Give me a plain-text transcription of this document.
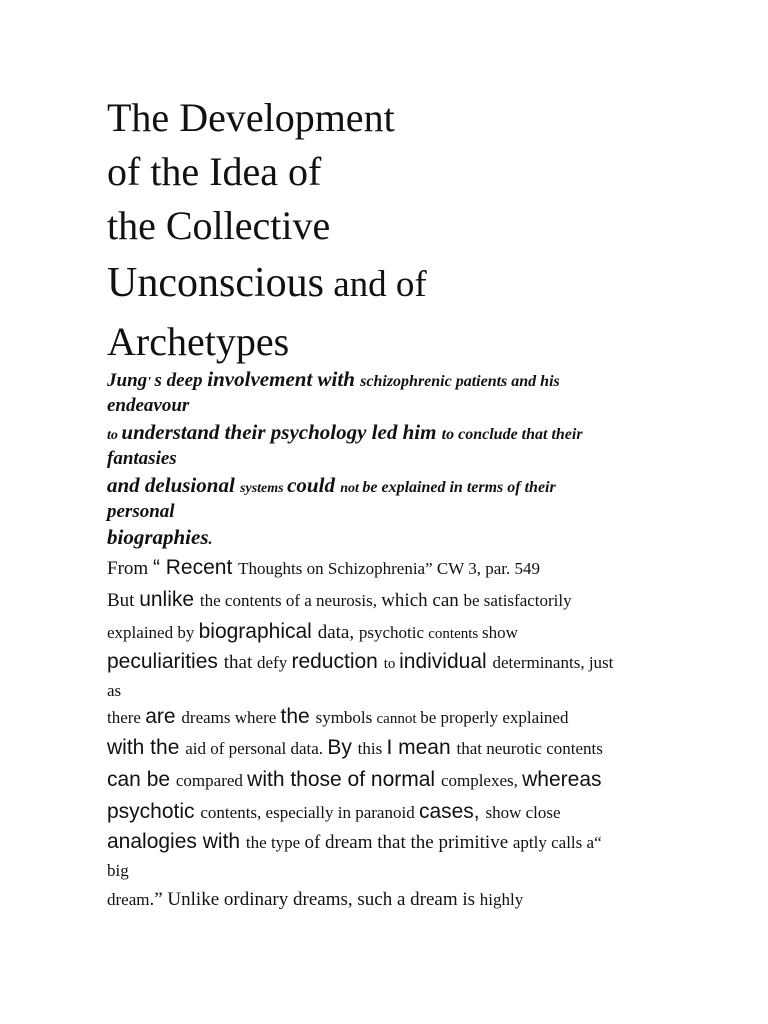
The Development
of the Idea of
the Collective
Unconscious and of
Archetypes
Jung' s deep involvement with schizophrenic patients and his
endeavour
to understand their psychology led him to conclude that their
fantasies
and delusional systems could not be explained in terms of their
personal
biographies.
From “ Recent Thoughts on Schizophrenia” CW 3, par. 549
But unlike the contents of a neurosis, which can be satisfactorily
explained by biographical data, psychotic contents show
peculiarities that defy reduction to individual determinants, just
as
there are dreams where the symbols cannot be properly explained
with the aid of personal data. By this I mean that neurotic contents
can be compared with those of normal complexes, whereas
psychotic contents, especially in paranoid cases, show close
analogies with the type of dream that the primitive aptly calls a“
big
dream.” Unlike ordinary dreams, such a dream is highly
